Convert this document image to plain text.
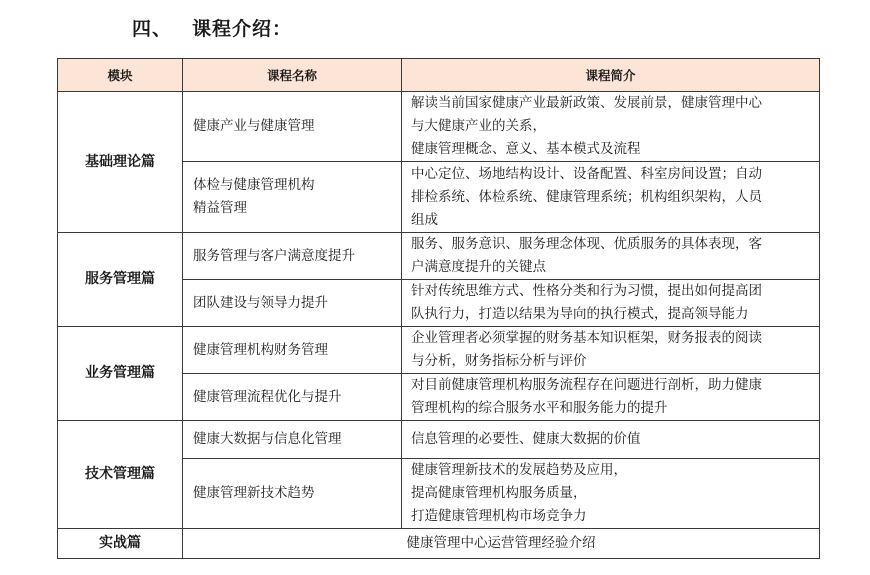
四、 课程介绍：
模块	课程名称	课程简介
基础理论篇	健康产业与健康管理	解读当前国家健康产业最新政策、发展前景，健康管理中心
与大健康产业的关系，
健康管理概念、意义、基本模式及流程

	体检与健康管理机构
精益管理	中心定位、场地结构设计、设备配置、科室房间设置；自动
排检系统、体检系统、健康管理系统；机构组织架构，人员
组成

服务管理篇	服务管理与客户满意度提升	服务、服务意识、服务理念体现、优质服务的具体表现，客
户满意度提升的关键点

	团队建设与领导力提升	针对传统思维方式、性格分类和行为习惯，提出如何提高团
队执行力，打造以结果为导向的执行模式，提高领导能力

业务管理篇	健康管理机构财务管理	企业管理者必须掌握的财务基本知识框架，财务报表的阅读
与分析，财务指标分析与评价

	健康管理流程优化与提升	对目前健康管理机构服务流程存在问题进行剖析，助力健康
管理机构的综合服务水平和服务能力的提升

技术管理篇	健康大数据与信息化管理	信息管理的必要性、健康大数据的价值

	健康管理新技术趋势	健康管理新技术的发展趋势及应用，
提高健康管理机构服务质量，
打造健康管理机构市场竞争力

实战篇	健康管理中心运营管理经验介绍	
